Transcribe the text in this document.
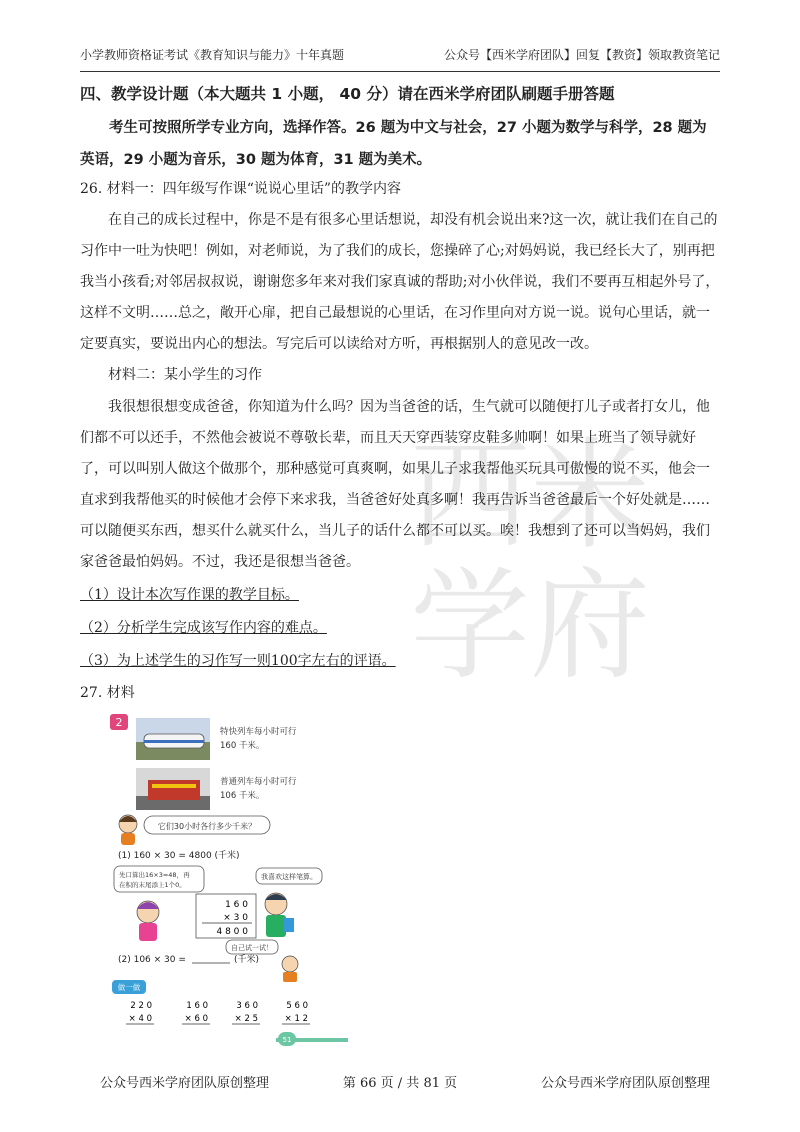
小学教师资格证考试《教育知识与能力》十年真题	公众号【西米学府团队】回复【教资】领取教资笔记
西 米
学 府
四、教学设计题（本大题共 1 小题， 40 分）请在西米学府团队刷题手册答题
考生可按照所学专业方向，选择作答。26 题为中文与社会，27 小题为数学与科学，28 题为英语，29 小题为音乐，30 题为体育，31 题为美术。
26. 材料一：四年级写作课“说说心里话”的教学内容
在自己的成长过程中，你是不是有很多心里话想说，却没有机会说出来?这一次，就让我们在自己的习作中一吐为快吧！例如，对老师说，为了我们的成长，您操碎了心;对妈妈说，我已经长大了，别再把我当小孩看;对邻居叔叔说，谢谢您多年来对我们家真诚的帮助;对小伙伴说，我们不要再互相起外号了，这样不文明……总之，敞开心扉，把自己最想说的心里话，在习作里向对方说一说。说句心里话，就一定要真实，要说出内心的想法。写完后可以读给对方听，再根据别人的意见改一改。
材料二：某小学生的习作
我很想很想变成爸爸，你知道为什么吗？因为当爸爸的话，生气就可以随便打儿子或者打女儿，他们都不可以还手，不然他会被说不尊敬长辈，而且天天穿西装穿皮鞋多帅啊！如果上班当了领导就好了，可以叫别人做这个做那个，那种感觉可真爽啊，如果儿子求我帮他买玩具可傲慢的说不买，他会一直求到我帮他买的时候他才会停下来求我，当爸爸好处真多啊！我再告诉当爸爸最后一个好处就是……可以随便买东西，想买什么就买什么，当儿子的话什么都不可以买。唉！我想到了还可以当妈妈，我们家爸爸最怕妈妈。不过，我还是很想当爸爸。
（1）设计本次写作课的教学目标。
（2）分析学生完成该写作内容的难点。
（3）为上述学生的习作写一则100字左右的评语。
27. 材料
2
特快列车每小时可行
160 千米。
普通列车每小时可行
106 千米。
它们30小时各行多少千米？
(1) 160 × 30 = 4800 (千米)
先口算出16×3=48，再
在积的末尾添上1个0。
1 6 0
× 3 0
4 8 0 0
我喜欢这样笔算。
(2) 106 × 30 =	(千米)
自己试一试！
做一做
2 2 0
× 4 0
1 6 0
× 6 0
3 6 0
× 2 5
5 6 0
× 1 2
51
公众号西米学府团队原创整理	第 66 页 / 共 81 页	公众号西米学府团队原创整理
